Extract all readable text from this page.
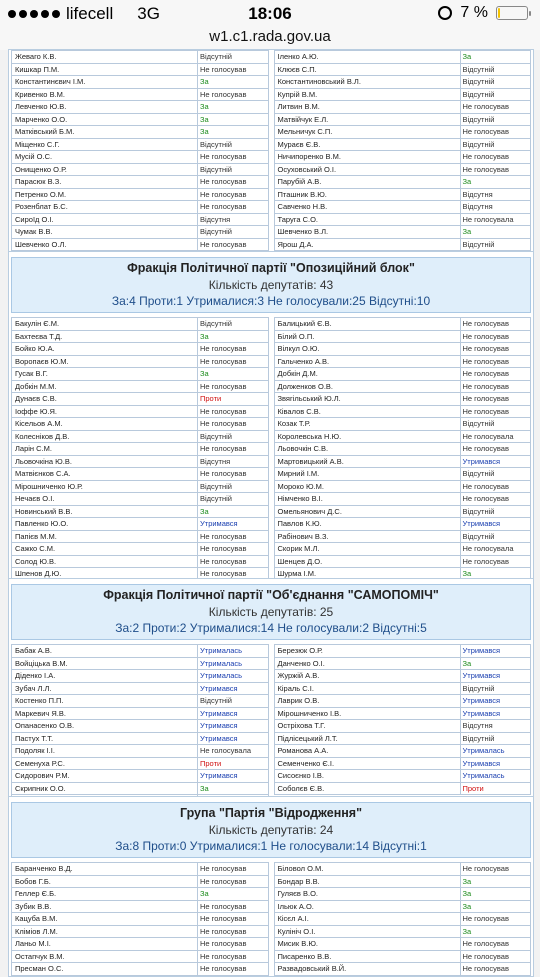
lifecell 3G	18:06	7 %
w1.c1.rada.gov.ua
Жеваго К.В.	Відсутній
Кишкар П.М.	Не голосував
Константинєвич І.М.	За
Кривенко В.М.	Не голосував
Левченко Ю.В.	За
Марченко О.О.	За
Матківський Б.М.	За
Міщенко С.Г.	Відсутній
Мусій О.С.	Не голосував
Онищенко О.Р.	Відсутній
Парасюк В.З.	Не голосував
Петренко О.М.	Не голосував
Розенблат Б.С.	Не голосував
Сироїд О.І.	Відсутня
Чумак В.В.	Відсутній
Шевченко О.Л.	Не голосував
Іленко А.Ю.	За
Клюєв С.П.	Відсутній
Константиновський В.Л.	Відсутній
Купрій В.М.	Відсутній
Литвин В.М.	Не голосував
Матвійчук Е.Л.	Відсутній
Мельничук С.П.	Не голосував
Мураєв Є.В.	Відсутній
Ничипоренко В.М.	Не голосував
Осуховський О.І.	Не голосував
Парубій А.В.	За
Пташник В.Ю.	Відсутня
Савченко Н.В.	Відсутня
Таруга С.О.	Не голосувала
Шевченко В.Л.	За
Ярош Д.А.	Відсутній
Фракція Політичної партії "Опозиційний блок"
Кількість депутатів: 43
За:4 Проти:1 Утрималися:3 Не голосували:25 Відсутні:10
Бакулін Є.М.	Відсутній
Бахтеєва Т.Д.	За
Бойко Ю.А.	Не голосував
Воропаєв Ю.М.	Не голосував
Гусак В.Г.	За
Добкін М.М.	Не голосував
Дунаєв С.В.	Проти
Іоффе Ю.Я.	Не голосував
Кісельов А.М.	Не голосував
Колесніков Д.В.	Відсутній
Ларін С.М.	Не голосував
Льовочкіна Ю.В.	Відсутня
Матвієнков С.А.	Не голосував
Мірошниченко Ю.Р.	Відсутній
Нечаєв О.І.	Відсутній
Новинський В.В.	За
Павленко Ю.О.	Утримався
Папієв М.М.	Не голосував
Сажко С.М.	Не голосував
Солод Ю.В.	Не голосував
Шпенов Д.Ю.	Не голосував
Балицький Є.В.	Не голосував
Білий О.П.	Не голосував
Вілкул О.Ю.	Не голосував
Гальченко А.В.	Не голосував
Добкін Д.М.	Не голосував
Долженков О.В.	Не голосував
Звягільський Ю.Л.	Не голосував
Ківалов С.В.	Не голосував
Козак Т.Р.	Відсутній
Королевська Н.Ю.	Не голосувала
Льовочкін С.В.	Не голосував
Мартовицький А.В.	Утримався
Мирний І.М.	Відсутній
Мороко Ю.М.	Не голосував
Німченко В.І.	Не голосував
Омельянович Д.С.	Відсутній
Павлов К.Ю.	Утримався
Рабінович В.З.	Відсутній
Скорик М.Л.	Не голосувала
Шенцев Д.О.	Не голосував
Шурма І.М.	За
Фракція Політичної партії "Об'єднання "САМОПОМІЧ"
Кількість депутатів: 25
За:2 Проти:2 Утрималися:14 Не голосували:2 Відсутні:5
Бабак А.В.	Утрималась
Войціцька В.М.	Утрималась
Діденко І.А.	Утрималась
Зубач Л.Л.	Утримався
Костенко П.П.	Відсутній
Маркевич Я.В.	Утримався
Опанасенко О.В.	Утримався
Пастух Т.Т.	Утримався
Подоляк І.І.	Не голосувала
Семенуха Р.С.	Проти
Сидорович Р.М.	Утримався
Скрипник О.О.	За
Березюк О.Р.	Утримався
Данченко О.І.	За
Журжій А.В.	Утримався
Кіраль С.І.	Відсутній
Лаврик О.В.	Утримався
Мірошниченко І.В.	Утримався
Остріхова Т.Г.	Відсутня
Підлісецький Л.Т.	Відсутній
Романова А.А.	Утрималась
Семенченко Є.І.	Утримався
Сисоєнко І.В.	Утрималась
Соболєв Є.В.	Проти
Група "Партія "Відродження"
Кількість депутатів: 24
За:8 Проти:0 Утрималися:1 Не голосували:14 Відсутні:1
Баранченко В.Д.	Не голосував
Бобов Г.Б.	Не голосував
Геллер Є.Б.	За
Зубик В.В.	Не голосував
Кацуба В.М.	Не голосував
Кліміов Л.М.	Не голосував
Ланьо М.І.	Не голосував
Остапчук В.М.	Не голосував
Пресман О.С.	Не голосував
Біловол О.М.	Не голосував
Бондар В.В.	За
Гуляєв В.О.	За
Ільюк А.О.	За
Кісєл А.І.	Не голосував
Кулініч О.І.	За
Мисик В.Ю.	Не голосував
Писаренко В.В.	Не голосував
Развадовський В.Й.	Не голосував
